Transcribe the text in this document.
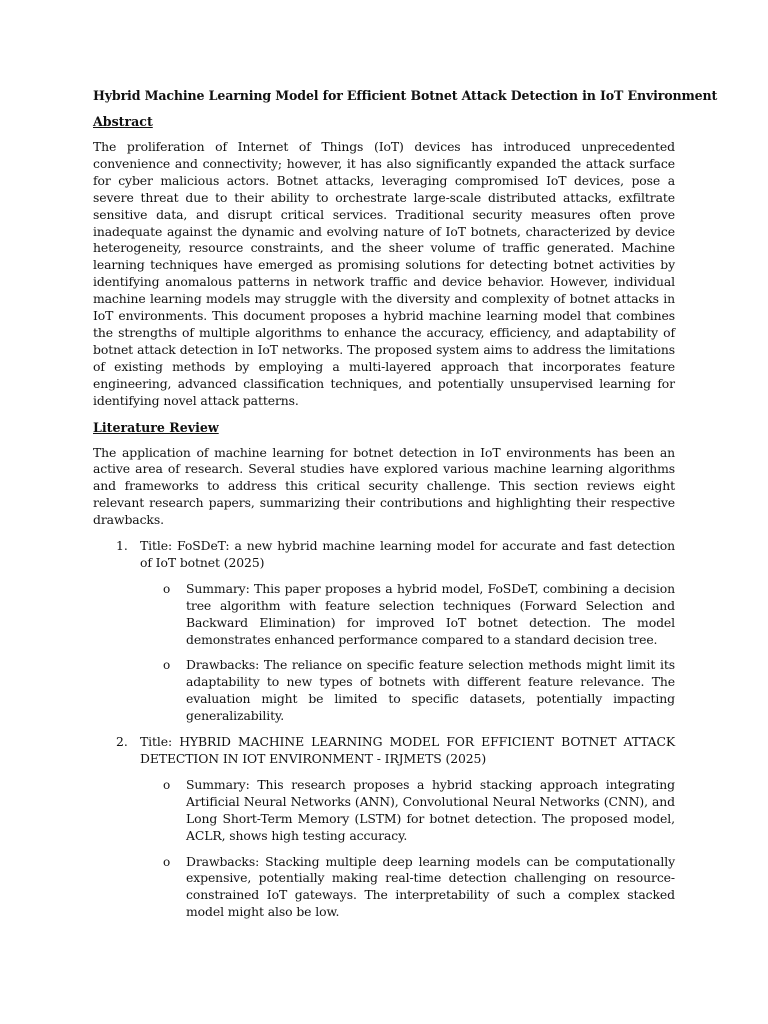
Hybrid Machine Learning Model for Efficient Botnet Attack Detection in IoT Environment
Abstract

The proliferation of Internet of Things (IoT) devices has introduced unprecedented convenience and connectivity; however, it has also significantly expanded the attack surface for cyber malicious actors. Botnet attacks, leveraging compromised IoT devices, pose a severe threat due to their ability to orchestrate large-scale distributed attacks, exfiltrate sensitive data, and disrupt critical services. Traditional security measures often prove inadequate against the dynamic and evolving nature of IoT botnets, characterized by device heterogeneity, resource constraints, and the sheer volume of traffic generated. Machine learning techniques have emerged as promising solutions for detecting botnet activities by identifying anomalous patterns in network traffic and device behavior. However, individual machine learning models may struggle with the diversity and complexity of botnet attacks in IoT environments. This document proposes a hybrid machine learning model that combines the strengths of multiple algorithms to enhance the accuracy, efficiency, and adaptability of botnet attack detection in IoT networks. The proposed system aims to address the limitations of existing methods by employing a multi-layered approach that incorporates feature engineering, advanced classification techniques, and potentially unsupervised learning for identifying novel attack patterns.

Literature Review

The application of machine learning for botnet detection in IoT environments has been an active area of research. Several studies have explored various machine learning algorithms and frameworks to address this critical security challenge. This section reviews eight relevant research papers, summarizing their contributions and highlighting their respective drawbacks.

1. Title: FoSDeT: a new hybrid machine learning model for accurate and fast detection of IoT botnet (2025)
o Summary: This paper proposes a hybrid model, FoSDeT, combining a decision tree algorithm with feature selection techniques (Forward Selection and Backward Elimination) for improved IoT botnet detection. The model demonstrates enhanced performance compared to a standard decision tree.
o Drawbacks: The reliance on specific feature selection methods might limit its adaptability to new types of botnets with different feature relevance. The evaluation might be limited to specific datasets, potentially impacting generalizability.
2. Title: HYBRID MACHINE LEARNING MODEL FOR EFFICIENT BOTNET ATTACK DETECTION IN IOT ENVIRONMENT - IRJMETS (2025)
o Summary: This research proposes a hybrid stacking approach integrating Artificial Neural Networks (ANN), Convolutional Neural Networks (CNN), and Long Short-Term Memory (LSTM) for botnet detection. The proposed model, ACLR, shows high testing accuracy.
o Drawbacks: Stacking multiple deep learning models can be computationally expensive, potentially making real-time detection challenging on resource-constrained IoT gateways. The interpretability of such a complex stacked model might also be low.
